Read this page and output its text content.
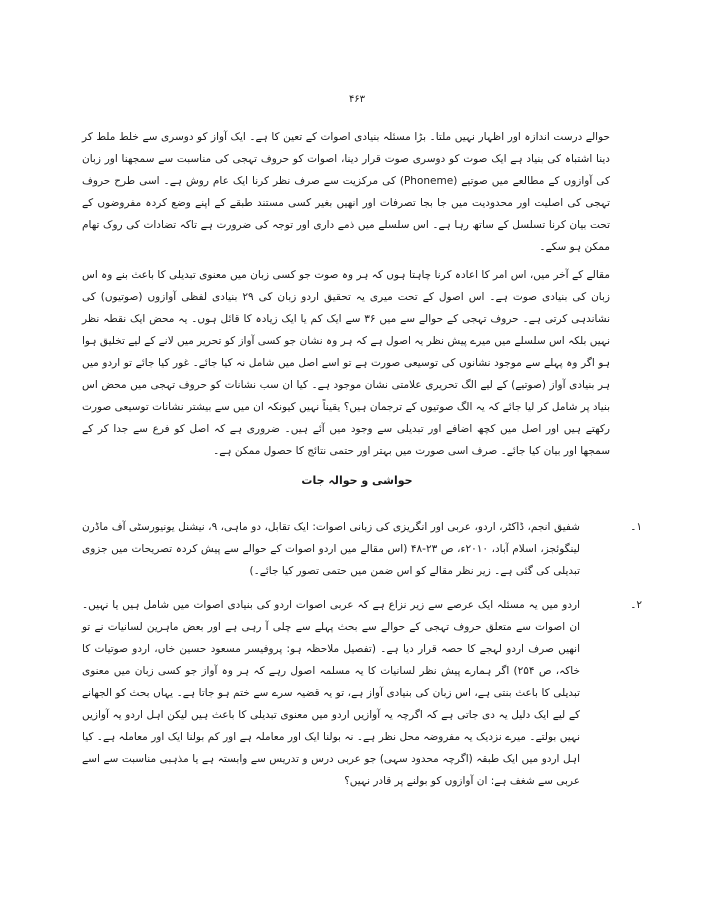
۴۶۳

حوالے درست اندازہ اور اظہار نہیں ملتا۔ بڑا مسئلہ بنیادی اصوات کے تعین کا ہے۔ ایک آواز کو دوسری سے خلط ملط کر دینا اشتباہ کی بنیاد ہے ایک صوت کو دوسری صوت قرار دینا، اصوات کو حروف تہجی کی مناسبت سے سمجھنا اور زبان کی آوازوں کے مطالعے میں صوتیے (Phoneme) کی مرکزیت سے صرف نظر کرنا ایک عام روش ہے۔ اسی طرح حروف تہجی کی اصلیت اور محدودیت میں جا بجا تصرفات اور انھیں بغیر کسی مستند طبقے کے اپنے وضع کردہ مفروضوں کے تحت بیان کرنا تسلسل کے ساتھ رہا ہے۔ اس سلسلے میں ذمے داری اور توجہ کی ضرورت ہے تاکہ تضادات کی روک تھام ممکن ہو سکے۔

مقالے کے آخر میں، اس امر کا اعادہ کرنا چاہتا ہوں کہ ہر وہ صوت جو کسی زبان میں معنوی تبدیلی کا باعث بنے وہ اس زبان کی بنیادی صوت ہے۔ اس اصول کے تحت میری یہ تحقیق اردو زبان کی ۲۹ بنیادی لفظی آوازوں (صوتیوں) کی نشاندہی کرتی ہے۔ حروف تہجی کے حوالے سے میں ۳۶ سے ایک کم یا ایک زیادہ کا قائل ہوں۔ یہ محض ایک نقطہ نظر نہیں بلکہ اس سلسلے میں میرے پیش نظر یہ اصول ہے کہ ہر وہ نشان جو کسی آواز کو تحریر میں لانے کے لیے تخلیق ہوا ہو اگر وہ پہلے سے موجود نشانوں کی توسیعی صورت ہے تو اسے اصل میں شامل نہ کیا جائے۔ غور کیا جائے تو اردو میں ہر بنیادی آواز (صوتیے) کے لیے الگ تحریری علامتی نشان موجود ہے۔ کیا ان سب نشانات کو حروف تہجی میں محض اس بنیاد پر شامل کر لیا جائے کہ یہ الگ صوتیوں کے ترجمان ہیں؟ یقیناً نہیں کیونکہ ان میں سے بیشتر نشانات توسیعی صورت رکھتے ہیں اور اصل میں کچھ اضافے اور تبدیلی سے وجود میں آئے ہیں۔ ضروری ہے کہ اصل کو فرع سے جدا کر کے سمجھا اور بیان کیا جائے۔ صرف اسی صورت میں بہتر اور حتمی نتائج کا حصول ممکن ہے۔

حواشی و حوالہ جات
۱۔

شفیق انجم، ڈاکٹر، اردو، عربی اور انگریزی کی زبانی اصوات: ایک تقابل، دو ماہی، ۹، نیشنل یونیورسٹی آف ماڈرن لینگوئجز، اسلام آباد، ۲۰۱۰ء، ص ۲۳-۴۸ (اس مقالے میں اردو اصوات کے حوالے سے پیش کردہ تصریحات میں جزوی تبدیلی کی گئی ہے۔ زیر نظر مقالے کو اس ضمن میں حتمی تصور کیا جائے۔)

۲۔

اردو میں یہ مسئلہ ایک عرصے سے زیر نزاع ہے کہ عربی اصوات اردو کی بنیادی اصوات میں شامل ہیں یا نہیں۔ ان اصوات سے متعلق حروف تہجی کے حوالے سے بحث پہلے سے چلی آ رہی ہے اور بعض ماہرین لسانیات نے تو انھیں صرف اردو لہجے کا حصہ قرار دیا ہے۔ (تفصیل ملاحظہ ہو: پروفیسر مسعود حسین خاں، اردو صوتیات کا خاکہ، ص ۲۵۴) اگر ہمارے پیش نظر لسانیات کا یہ مسلمہ اصول رہے کہ ہر وہ آواز جو کسی زبان میں معنوی تبدیلی کا باعث بنتی ہے، اس زبان کی بنیادی آواز ہے، تو یہ قضیہ سرے سے ختم ہو جاتا ہے۔ یہاں بحث کو الجھانے کے لیے ایک دلیل یہ دی جاتی ہے کہ اگرچہ یہ آوازیں اردو میں معنوی تبدیلی کا باعث ہیں لیکن اہل اردو یہ آوازیں نہیں بولتے۔ میرے نزدیک یہ مفروضہ محل نظر ہے۔ نہ بولنا ایک اور معاملہ ہے اور کم بولنا ایک اور معاملہ ہے۔ کیا اہل اردو میں ایک طبقہ (اگرچہ محدود سہی) جو عربی درس و تدریس سے وابستہ ہے یا مذہبی مناسبت سے اسے عربی سے شغف ہے: ان آوازوں کو بولنے پر قادر نہیں؟
